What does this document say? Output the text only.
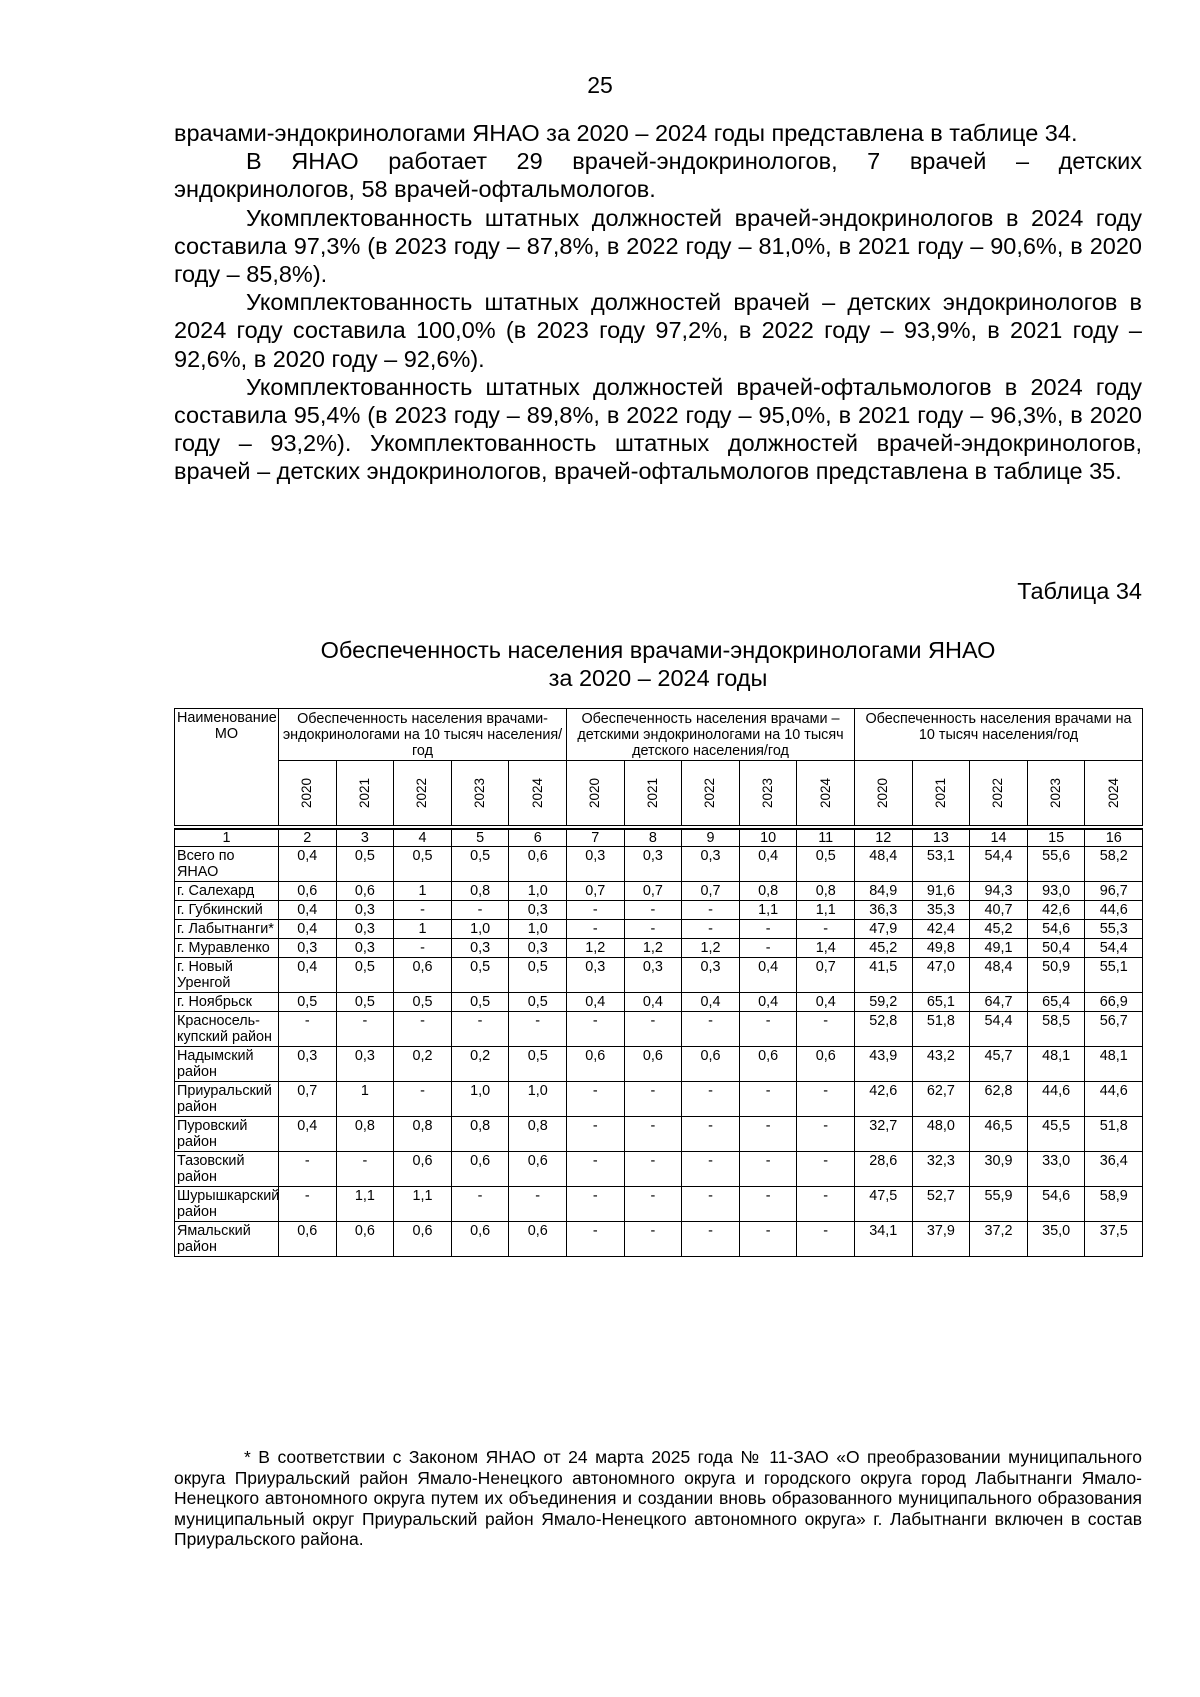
25

врачами-эндокринологами ЯНАО за 2020 – 2024 годы представлена в таблице 34.

В ЯНАО работает 29 врачей-эндокринологов, 7 врачей – детских эндокринологов, 58 врачей-офтальмологов.

Укомплектованность штатных должностей врачей-эндокринологов в 2024 году составила 97,3% (в 2023 году – 87,8%, в 2022 году – 81,0%, в 2021 году – 90,6%, в 2020 году – 85,8%).

Укомплектованность штатных должностей врачей – детских эндокринологов в 2024 году составила 100,0% (в 2023 году 97,2%, в 2022 году – 93,9%, в 2021 году – 92,6%, в 2020 году – 92,6%).

Укомплектованность штатных должностей врачей-офтальмологов в 2024 году составила 95,4% (в 2023 году – 89,8%, в 2022 году – 95,0%, в 2021 году – 96,3%, в 2020 году – 93,2%). Укомплектованность штатных должностей врачей-эндокринологов, врачей – детских эндокринологов, врачей-офтальмологов представлена в таблице 35.

Таблица 34
Обеспеченность населения врачами-эндокринологами ЯНАО
за 2020 – 2024 годы
Наименование МО	Обеспеченность населения врачами-эндокринологами на 10 тысяч населения/год					Обеспеченность населения врачами – детскими эндокринологами на 10 тысяч детского населения/год					Обеспеченность населения врачами на 10 тысяч населения/год				
	2020	2021	2022	2023	2024	2020	2021	2022	2023	2024	2020	2021	2022	2023	2024

1	2	3	4	5	6	7	8	9	10	11	12	13	14	15	16
Всего по ЯНАО	0,4	0,5	0,5	0,5	0,6	0,3	0,3	0,3	0,4	0,5	48,4	53,1	54,4	55,6	58,2
г. Салехард	0,6	0,6	1	0,8	1,0	0,7	0,7	0,7	0,8	0,8	84,9	91,6	94,3	93,0	96,7
г. Губкинский	0,4	0,3	-	-	0,3	-	-	-	1,1	1,1	36,3	35,3	40,7	42,6	44,6
г. Лабытнанги*	0,4	0,3	1	1,0	1,0	-	-	-	-	-	47,9	42,4	45,2	54,6	55,3
г. Муравленко	0,3	0,3	-	0,3	0,3	1,2	1,2	1,2	-	1,4	45,2	49,8	49,1	50,4	54,4
г. Новый Уренгой	0,4	0,5	0,6	0,5	0,5	0,3	0,3	0,3	0,4	0,7	41,5	47,0	48,4	50,9	55,1
г. Ноябрьск	0,5	0,5	0,5	0,5	0,5	0,4	0,4	0,4	0,4	0,4	59,2	65,1	64,7	65,4	66,9
Красносель- купский район	-	-	-	-	-	-	-	-	-	-	52,8	51,8	54,4	58,5	56,7
Надымский район	0,3	0,3	0,2	0,2	0,5	0,6	0,6	0,6	0,6	0,6	43,9	43,2	45,7	48,1	48,1
Приуральский район	0,7	1	-	1,0	1,0	-	-	-	-	-	42,6	62,7	62,8	44,6	44,6
Пуровский район	0,4	0,8	0,8	0,8	0,8	-	-	-	-	-	32,7	48,0	46,5	45,5	51,8
Тазовский район	-	-	0,6	0,6	0,6	-	-	-	-	-	28,6	32,3	30,9	33,0	36,4
Шурышкарский район	-	1,1	1,1	-	-	-	-	-	-	-	47,5	52,7	55,9	54,6	58,9
Ямальский район	0,6	0,6	0,6	0,6	0,6	-	-	-	-	-	34,1	37,9	37,2	35,0	37,5
* В соответствии с Законом ЯНАО от 24 марта 2025 года № 11-ЗАО «О преобразовании муниципального округа Приуральский район Ямало-Ненецкого автономного округа и городского округа город Лабытнанги Ямало-Ненецкого автономного округа путем их объединения и создании вновь образованного муниципального образования муниципальный округ Приуральский район Ямало-Ненецкого автономного округа» г. Лабытнанги включен в состав Приуральского района.
